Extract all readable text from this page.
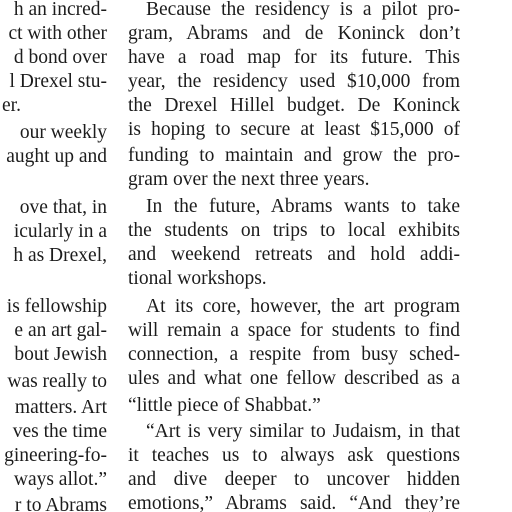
h an incred-
ct with other
d bond over
l Drexel stu-
er.
our weekly
aught up and
ove that, in
icularly in a
h as Drexel,
is fellowship
e an art gal-
bout Jewish
was really to
matters. Art
ves the time
gineering-fo-
ways allot.”
r to Abrams
Because the residency is a pilot pro-
gram, Abrams and de Koninck don’t
have a road map for its future. This
year, the residency used $10,000 from
the Drexel Hillel budget. De Koninck
is hoping to secure at least $15,000 of
funding to maintain and grow the pro-
gram over the next three years.
In the future, Abrams wants to take
the students on trips to local exhibits
and weekend retreats and hold addi-
tional workshops.
At its core, however, the art program
will remain a space for students to find
connection, a respite from busy sched-
ules and what one fellow described as a
“little piece of Shabbat.”
“Art is very similar to Judaism, in that
it teaches us to always ask questions
and dive deeper to uncover hidden
emotions,” Abrams said. “And they’re
